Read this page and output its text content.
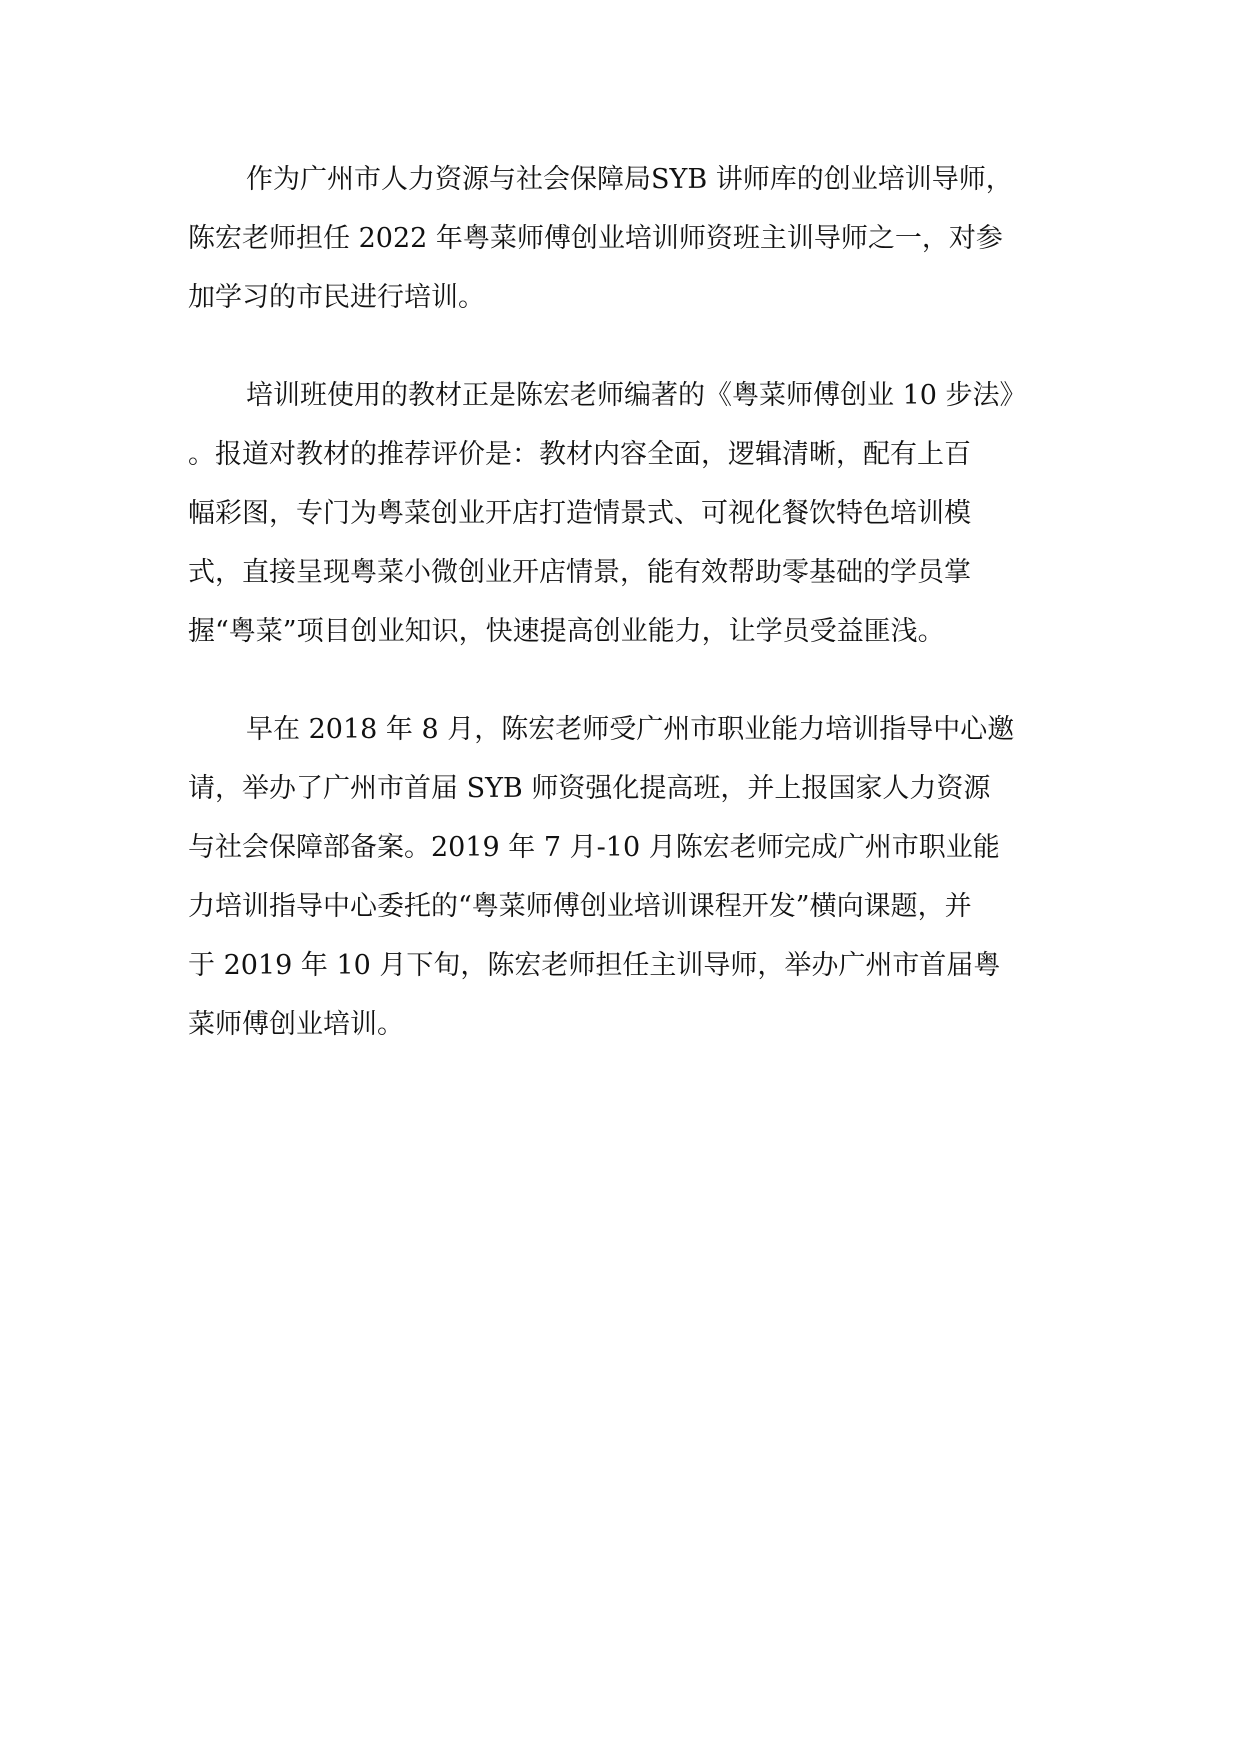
作为广州市人力资源与社会保障局SYB 讲师库的创业培训导师，
陈宏老师担任 2022 年粤菜师傅创业培训师资班主训导师之一，对参
加学习的市民进行培训。
培训班使用的教材正是陈宏老师编著的《粤菜师傅创业 10 步法》
。报道对教材的推荐评价是：教材内容全面，逻辑清晰，配有上百
幅彩图，专门为粤菜创业开店打造情景式、可视化餐饮特色培训模
式，直接呈现粤菜小微创业开店情景，能有效帮助零基础的学员掌
握“粤菜”项目创业知识，快速提高创业能力，让学员受益匪浅。
早在 2018 年 8 月，陈宏老师受广州市职业能力培训指导中心邀
请，举办了广州市首届 SYB 师资强化提高班，并上报国家人力资源
与社会保障部备案。2019 年 7 月-10 月陈宏老师完成广州市职业能
力培训指导中心委托的“粤菜师傅创业培训课程开发”横向课题，并
于 2019 年 10 月下旬，陈宏老师担任主训导师，举办广州市首届粤
菜师傅创业培训。
